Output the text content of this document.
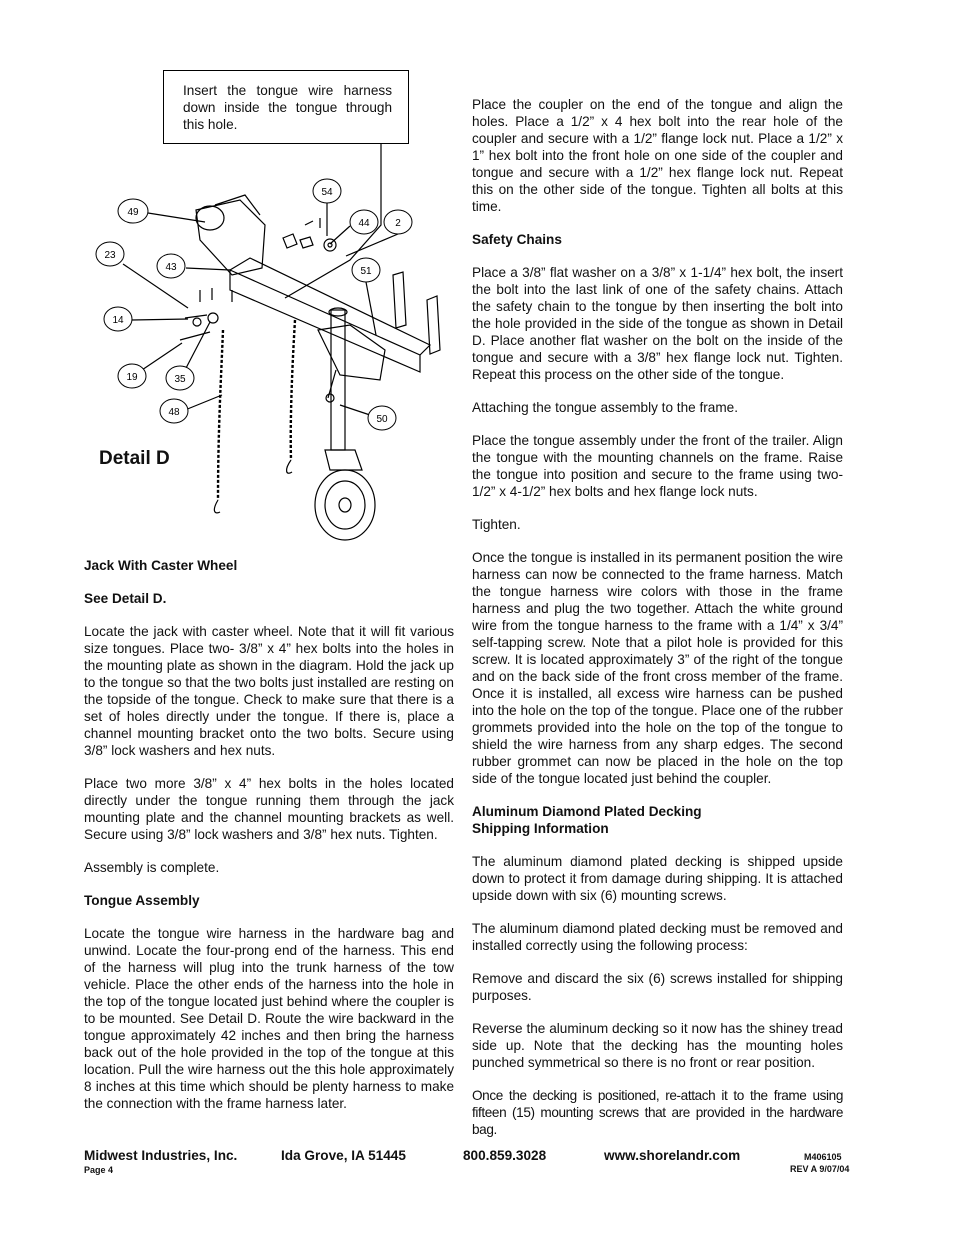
49
54
44	2
23
43	51
14
19	35
48
50
Insert the tongue wire harness down inside the tongue through this hole.
Detail D
Jack With Caster Wheel
See Detail D.

Locate the jack with caster wheel. Note that it will fit various size tongues. Place two- 3/8” x 4” hex bolts into the holes in the mounting plate as shown in the diagram. Hold the jack up to the tongue so that the two bolts just installed are resting on the topside of the tongue. Check to make sure that there is a set of holes directly under the tongue. If there is, place a channel mounting bracket onto the two bolts. Secure using 3/8” lock washers and hex nuts.

Place two more 3/8” x 4” hex bolts in the holes located directly under the tongue running them through the jack mounting plate and the channel mounting brackets as well. Secure using 3/8” lock washers and 3/8” hex nuts. Tighten.

Assembly is complete.

Tongue Assembly

Locate the tongue wire harness in the hardware bag and unwind. Locate the four-prong end of the harness. This end of the harness will plug into the trunk harness of the tow vehicle. Place the other ends of the harness into the hole in the top of the tongue located just behind where the coupler is to be mounted. See Detail D. Route the wire backward in the tongue approximately 42 inches and then bring the harness back out of the hole provided in the top of the tongue at this location. Pull the wire harness out the this hole approximately 8 inches at this time which should be plenty harness to make the connection with the frame harness later.

Place the coupler on the end of the tongue and align the holes. Place a 1/2” x 4 hex bolt into the rear hole of the coupler and secure with a 1/2” flange lock nut. Place a 1/2” x 1” hex bolt into the front hole on one side of the coupler and tongue and secure with a 1/2” hex flange lock nut. Repeat this on the other side of the tongue. Tighten all bolts at this time.

Safety Chains

Place a 3/8” flat washer on a 3/8” x 1-1/4” hex bolt, the insert the bolt into the last link of one of the safety chains. Attach the safety chain to the tongue by then inserting the bolt into the hole provided in the side of the tongue as shown in Detail D. Place another flat washer on the bolt on the inside of the tongue and secure with a 3/8” hex flange lock nut. Tighten. Repeat this process on the other side of the tongue.

Attaching the tongue assembly to the frame.

Place the tongue assembly under the front of the trailer. Align the tongue with the mounting channels on the frame. Raise the tongue into position and secure to the frame using two- 1/2” x 4-1/2” hex bolts and hex flange lock nuts.

Tighten.

Once the tongue is installed in its permanent position the wire harness can now be connected to the frame harness. Match the tongue harness wire colors with those in the frame harness and plug the two together. Attach the white ground wire from the tongue harness to the frame with a 1/4” x 3/4” self-tapping screw. Note that a pilot hole is provided for this screw. It is located approximately 3” of the right of the tongue and on the back side of the front cross member of the frame. Once it is installed, all excess wire harness can be pushed into the hole on the top of the tongue. Place one of the rubber grommets provided into the hole on the top of the tongue to shield the wire harness from any sharp edges. The second rubber grommet can now be placed in the hole on the top side of the tongue located just behind the coupler.

Aluminum Diamond Plated Decking
Shipping Information

The aluminum diamond plated decking is shipped upside down to protect it from damage during shipping. It is attached upside down with six (6) mounting screws.

The aluminum diamond plated decking must be removed and installed correctly using the following process:

Remove and discard the six (6) screws installed for shipping purposes.

Reverse the aluminum decking so it now has the shiney tread side up. Note that the decking has the mounting holes punched symmetrical so there is no front or rear position.

Once the decking is positioned, re-attach it to the frame using fifteen (15) mounting screws that are provided in the hardware bag.

Midwest Industries, Inc.	Ida Grove, IA 51445	800.859.3028	www.shorelandr.com
Page 4
M406105
REV A 9/07/04
